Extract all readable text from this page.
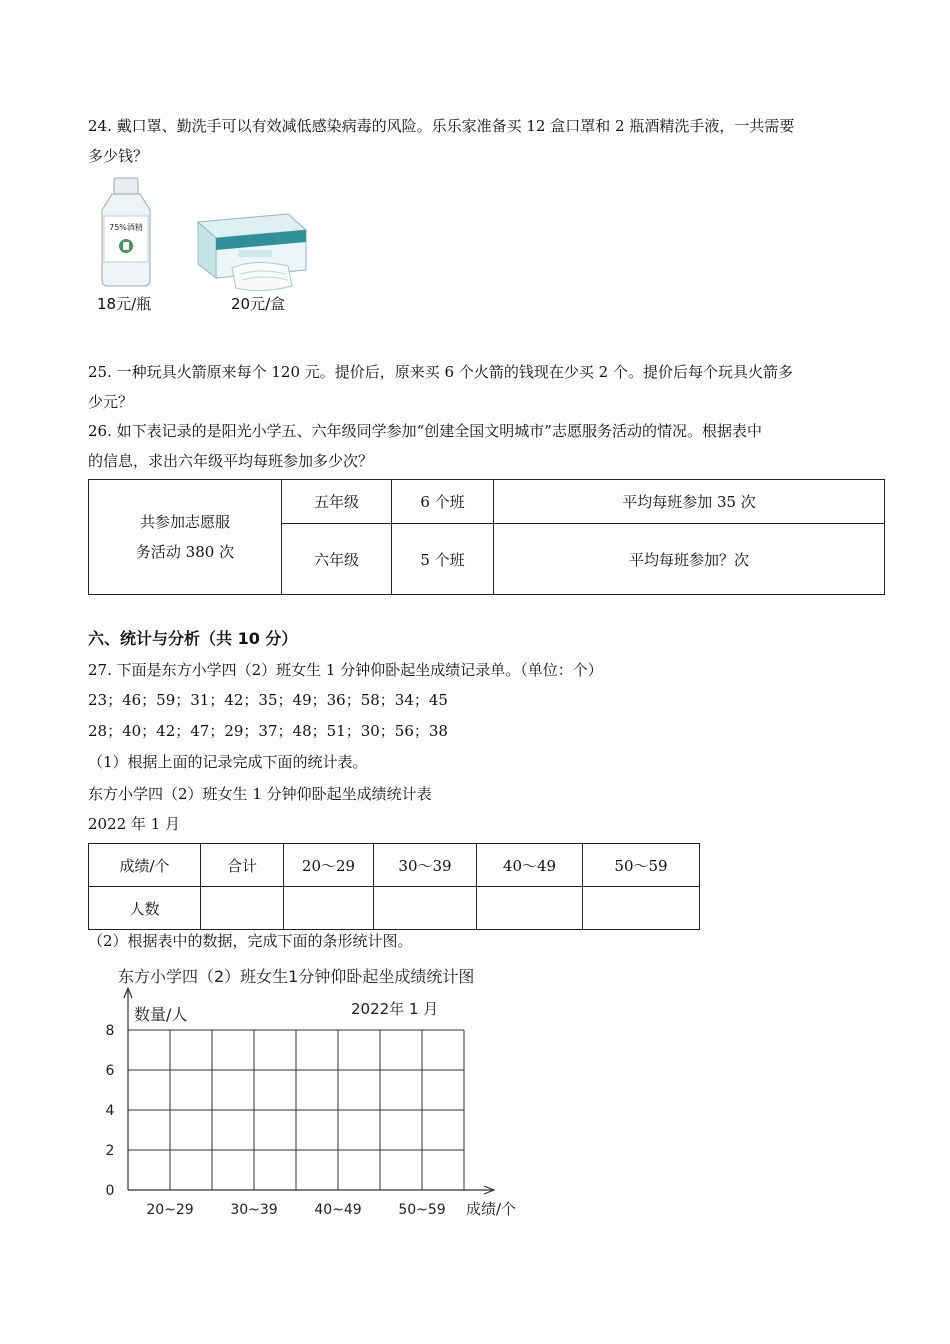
24. 戴口罩、勤洗手可以有效减低感染病毒的风险。乐乐家准备买 12 盒口罩和 2 瓶酒精洗手液，一共需要
多少钱？
75%酒精
18元/瓶	20元/盒
25. 一种玩具火箭原来每个 120 元。提价后，原来买 6 个火箭的钱现在少买 2 个。提价后每个玩具火箭多
少元？
26. 如下表记录的是阳光小学五、六年级同学参加“创建全国文明城市”志愿服务活动的情况。根据表中
的信息，求出六年级平均每班参加多少次？
共参加志愿服
务活动 380 次	五年级	6 个班	平均每班参加 35 次
	六年级	5 个班	平均每班参加？次
六、统计与分析（共 10 分）
27. 下面是东方小学四（2）班女生 1 分钟仰卧起坐成绩记录单。（单位：个）
23；46；59；31；42；35；49；36；58；34；45
28；40；42；47；29；37；48；51；30；56；38
（1）根据上面的记录完成下面的统计表。
东方小学四（2）班女生 1 分钟仰卧起坐成绩统计表
2022 年 1 月
成绩/个	合计	20～29	30～39	40～49	50～59
人数					
（2）根据表中的数据，完成下面的条形统计图。
东方小学四（2）班女生1分钟仰卧起坐成绩统计图
2022年 1 月
数量/人
成绩/个
0
2
4
6
8
20~29	30~39	40~49	50~59
